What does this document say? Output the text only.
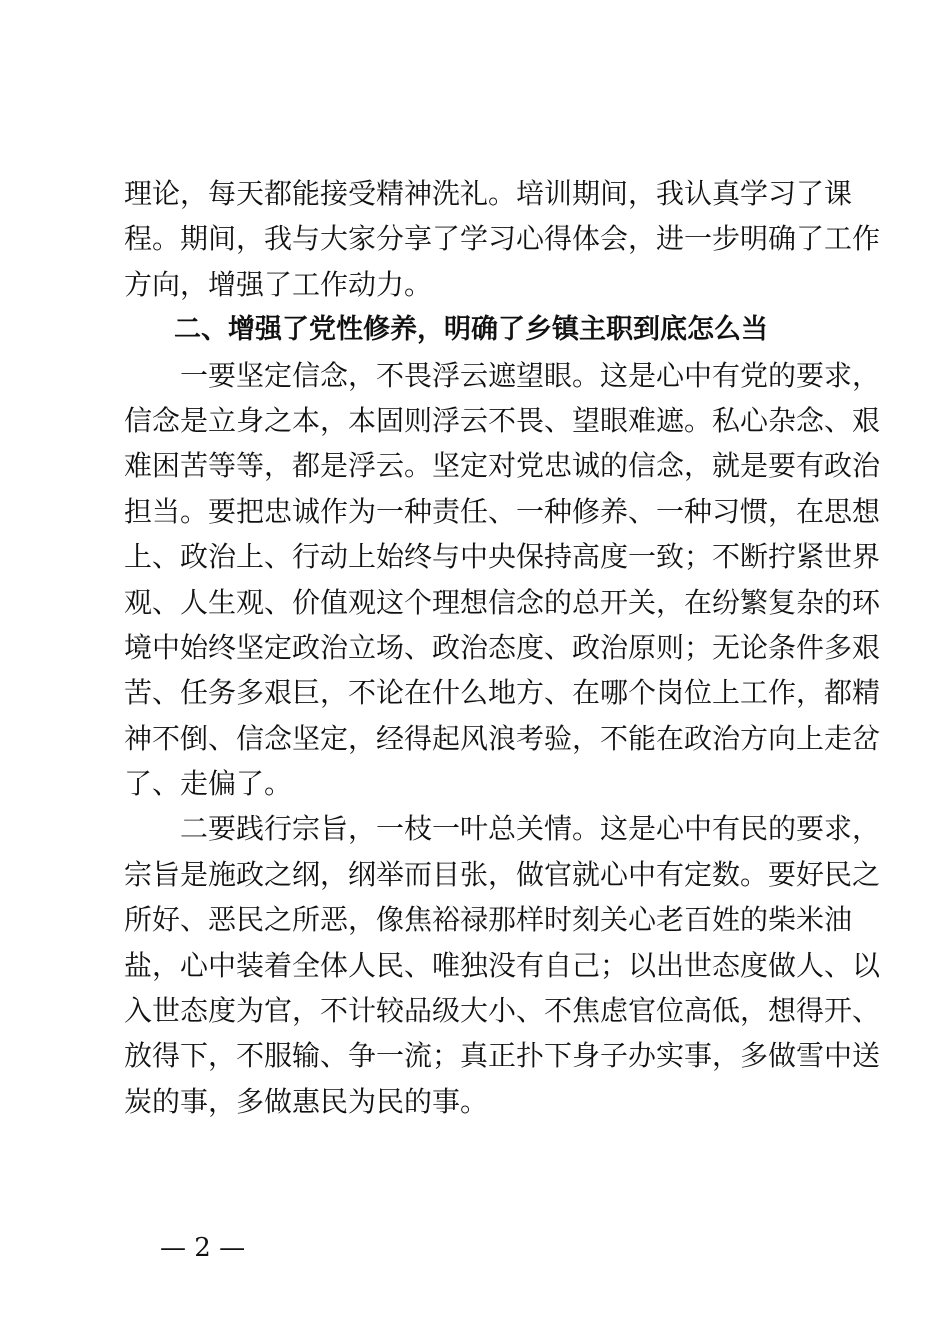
理论，每天都能接受精神洗礼。培训期间，我认真学习了课
程。期间，我与大家分享了学习心得体会，进一步明确了工作
方向，增强了工作动力。
二、增强了党性修养，明确了乡镇主职到底怎么当
一要坚定信念，不畏浮云遮望眼。这是心中有党的要求，
信念是立身之本，本固则浮云不畏、望眼难遮。私心杂念、艰
难困苦等等，都是浮云。坚定对党忠诚的信念，就是要有政治
担当。要把忠诚作为一种责任、一种修养、一种习惯，在思想
上、政治上、行动上始终与中央保持高度一致；不断拧紧世界
观、人生观、价值观这个理想信念的总开关，在纷繁复杂的环
境中始终坚定政治立场、政治态度、政治原则；无论条件多艰
苦、任务多艰巨，不论在什么地方、在哪个岗位上工作，都精
神不倒、信念坚定，经得起风浪考验，不能在政治方向上走岔
了、走偏了。
二要践行宗旨，一枝一叶总关情。这是心中有民的要求，
宗旨是施政之纲，纲举而目张，做官就心中有定数。要好民之
所好、恶民之所恶，像焦裕禄那样时刻关心老百姓的柴米油
盐，心中装着全体人民、唯独没有自己；以出世态度做人、以
入世态度为官，不计较品级大小、不焦虑官位高低，想得开、
放得下，不服输、争一流；真正扑下身子办实事，多做雪中送
炭的事，多做惠民为民的事。
— 2 —
